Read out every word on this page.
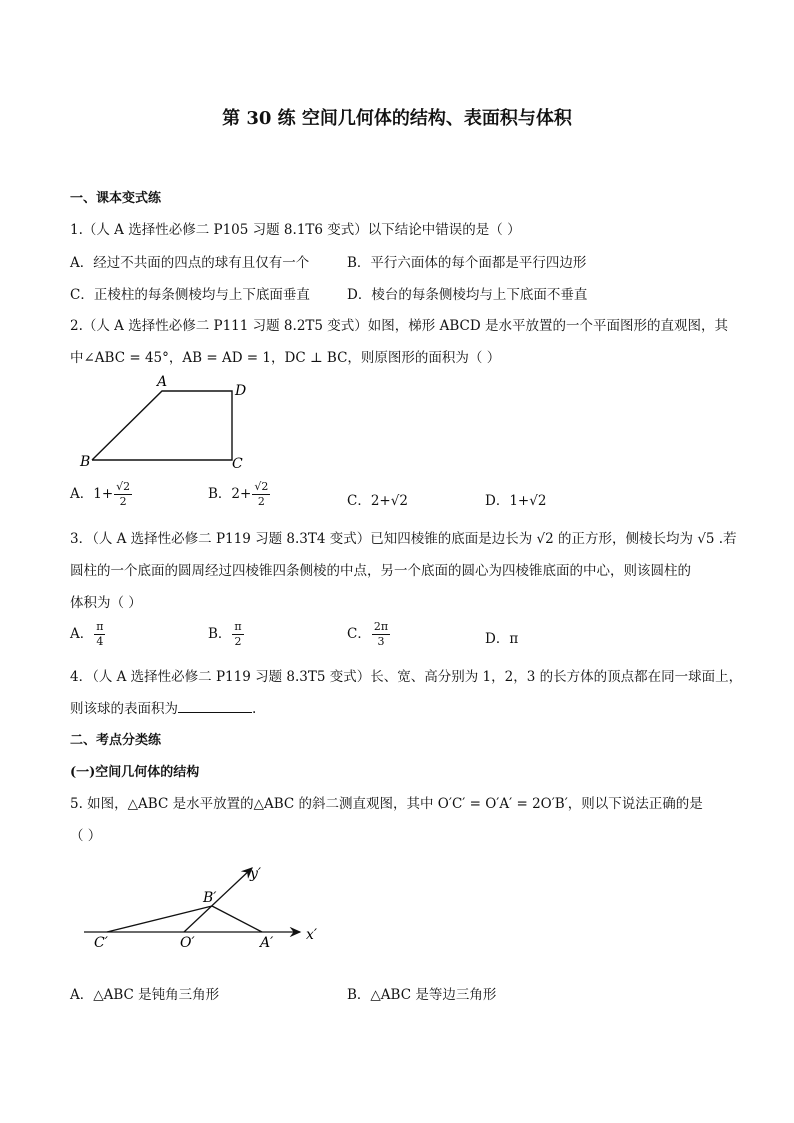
第 30 练 空间几何体的结构、表面积与体积
一、课本变式练
1.（人 A 选择性必修二 P105 习题 8.1T6 变式）以下结论中错误的是（ ）
A．经过不共面的四点的球有且仅有一个	B．平行六面体的每个面都是平行四边形
C．正棱柱的每条侧棱均与上下底面垂直	D．棱台的每条侧棱均与上下底面不垂直
2.（人 A 选择性必修二 P111 习题 8.2T5 变式）如图，梯形 ABCD 是水平放置的一个平面图形的直观图，其
中∠ABC = 45°，AB = AD = 1，DC ⊥ BC，则原图形的面积为（ ）
A
D
B	C
A．$1+ \frac{√2}{2}$	B．$2+ \frac{√2}{2}$	C．2+√2	D．1+√2
3．（人 A 选择性必修二 P119 习题 8.3T4 变式）已知四棱锥的底面是边长为 √2 的正方形，侧棱长均为 √5 .若
圆柱的一个底面的圆周经过四棱锥四条侧棱的中点，另一个底面的圆心为四棱锥底面的中心，则该圆柱的
体积为（ ）
A． $\frac{\pi}{4}$	B． $\frac{\pi}{2}$	C． $\frac{2\pi}{3}$	D．π
4．（人 A 选择性必修二 P119 习题 8.3T5 变式）长、宽、高分别为 1，2，3 的长方体的顶点都在同一球面上，
则该球的表面积为	.
二、考点分类练
(一)空间几何体的结构
5. 如图，△ABC 是水平放置的△ABC 的斜二测直观图，其中 O′C′ = O′A′ = 2O′B′，则以下说法正确的是
（ ）
y′
B′
C′	O′	A′ x′
A．△ABC 是钝角三角形	B．△ABC 是等边三角形
